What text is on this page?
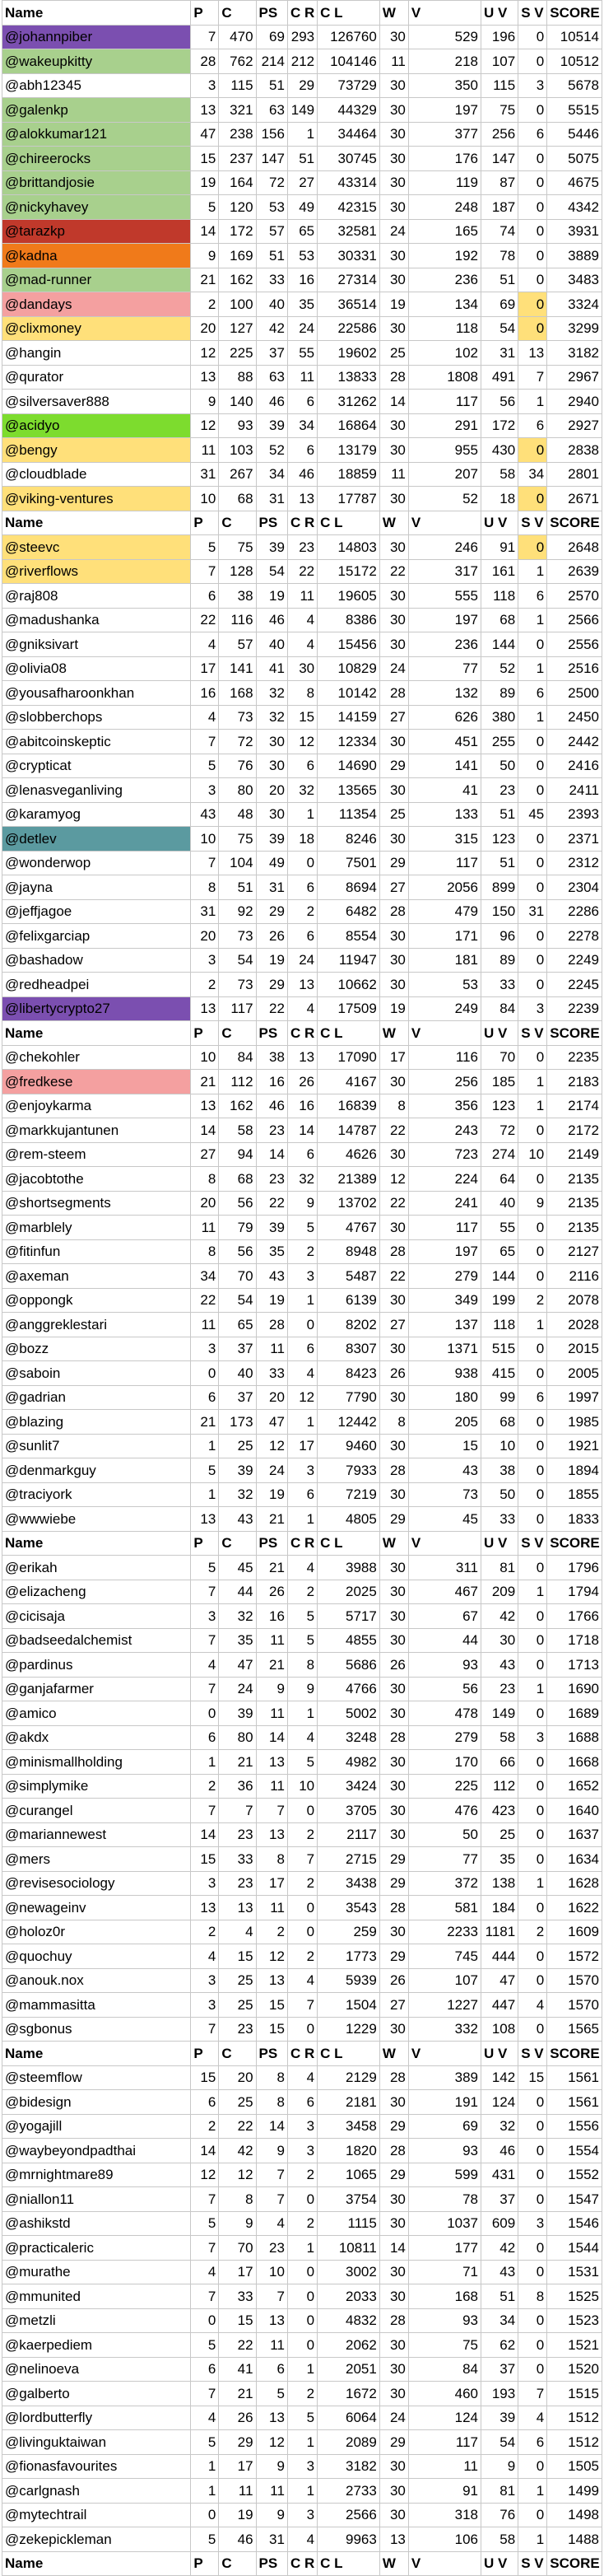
Name	P	C	PS	C R	C L	W	V	U V	S V	SCORE
@johannpiber	7	470	69	293	126760	30	529	196	0	10514
@wakeupkitty	28	762	214	212	104146	11	218	107	0	10512
@abh12345	3	115	51	29	73729	30	350	115	3	5678
@galenkp	13	321	63	149	44329	30	197	75	0	5515
@alokkumar121	47	238	156	1	34464	30	377	256	6	5446
@chireerocks	15	237	147	51	30745	30	176	147	0	5075
@brittandjosie	19	164	72	27	43314	30	119	87	0	4675
@nickyhavey	5	120	53	49	42315	30	248	187	0	4342
@tarazkp	14	172	57	65	32581	24	165	74	0	3931
@kadna	9	169	51	53	30331	30	192	78	0	3889
@mad-runner	21	162	33	16	27314	30	236	51	0	3483
@dandays	2	100	40	35	36514	19	134	69	0	3324
@clixmoney	20	127	42	24	22586	30	118	54	0	3299
@hangin	12	225	37	55	19602	25	102	31	13	3182
@qurator	13	88	63	11	13833	28	1808	491	7	2967
@silversaver888	9	140	46	6	31262	14	117	56	1	2940
@acidyo	12	93	39	34	16864	30	291	172	6	2927
@bengy	11	103	52	6	13179	30	955	430	0	2838
@cloudblade	31	267	34	46	18859	11	207	58	34	2801
@viking-ventures	10	68	31	13	17787	30	52	18	0	2671
Name	P	C	PS	C R	C L	W	V	U V	S V	SCORE
@steevc	5	75	39	23	14803	30	246	91	0	2648
@riverflows	7	128	54	22	15172	22	317	161	1	2639
@raj808	6	38	19	11	19605	30	555	118	6	2570
@madushanka	22	116	46	4	8386	30	197	68	1	2566
@gniksivart	4	57	40	4	15456	30	236	144	0	2556
@olivia08	17	141	41	30	10829	24	77	52	1	2516
@yousafharoonkhan	16	168	32	8	10142	28	132	89	6	2500
@slobberchops	4	73	32	15	14159	27	626	380	1	2450
@abitcoinskeptic	7	72	30	12	12334	30	451	255	0	2442
@crypticat	5	76	30	6	14690	29	141	50	0	2416
@lenasveganliving	3	80	20	32	13565	30	41	23	0	2411
@karamyog	43	48	30	1	11354	25	133	51	45	2393
@detlev	10	75	39	18	8246	30	315	123	0	2371
@wonderwop	7	104	49	0	7501	29	117	51	0	2312
@jayna	8	51	31	6	8694	27	2056	899	0	2304
@jeffjagoe	31	92	29	2	6482	28	479	150	31	2286
@felixgarciap	20	73	26	6	8554	30	171	96	0	2278
@bashadow	3	54	19	24	11947	30	181	89	0	2249
@redheadpei	2	73	29	13	10662	30	53	33	0	2245
@libertycrypto27	13	117	22	4	17509	19	249	84	3	2239
Name	P	C	PS	C R	C L	W	V	U V	S V	SCORE
@chekohler	10	84	38	13	17090	17	116	70	0	2235
@fredkese	21	112	16	26	4167	30	256	185	1	2183
@enjoykarma	13	162	46	16	16839	8	356	123	1	2174
@markkujantunen	14	58	23	14	14787	22	243	72	0	2172
@rem-steem	27	94	14	6	4626	30	723	274	10	2149
@jacobtothe	8	68	23	32	21389	12	224	64	0	2135
@shortsegments	20	56	22	9	13702	22	241	40	9	2135
@marblely	11	79	39	5	4767	30	117	55	0	2135
@fitinfun	8	56	35	2	8948	28	197	65	0	2127
@axeman	34	70	43	3	5487	22	279	144	0	2116
@oppongk	22	54	19	1	6139	30	349	199	2	2078
@anggreklestari	11	65	28	0	8202	27	137	118	1	2028
@bozz	3	37	11	6	8307	30	1371	515	0	2015
@saboin	0	40	33	4	8423	26	938	415	0	2005
@gadrian	6	37	20	12	7790	30	180	99	6	1997
@blazing	21	173	47	1	12442	8	205	68	0	1985
@sunlit7	1	25	12	17	9460	30	15	10	0	1921
@denmarkguy	5	39	24	3	7933	28	43	38	0	1894
@traciyork	1	32	19	6	7219	30	73	50	0	1855
@wwwiebe	13	43	21	1	4805	29	45	33	0	1833
Name	P	C	PS	C R	C L	W	V	U V	S V	SCORE
@erikah	5	45	21	4	3988	30	311	81	0	1796
@elizacheng	7	44	26	2	2025	30	467	209	1	1794
@cicisaja	3	32	16	5	5717	30	67	42	0	1766
@badseedalchemist	7	35	11	5	4855	30	44	30	0	1718
@pardinus	4	47	21	8	5686	26	93	43	0	1713
@ganjafarmer	7	24	9	9	4766	30	56	23	1	1690
@amico	0	39	11	1	5002	30	478	149	0	1689
@akdx	6	80	14	4	3248	28	279	58	3	1688
@minismallholding	1	21	13	5	4982	30	170	66	0	1668
@simplymike	2	36	11	10	3424	30	225	112	0	1652
@curangel	7	7	7	0	3705	30	476	423	0	1640
@mariannewest	14	23	13	2	2117	30	50	25	0	1637
@mers	15	33	8	7	2715	29	77	35	0	1634
@revisesociology	3	23	17	2	3438	29	372	138	1	1628
@newageinv	13	13	11	0	3543	28	581	184	0	1622
@holoz0r	2	4	2	0	259	30	2233	1181	2	1609
@quochuy	4	15	12	2	1773	29	745	444	0	1572
@anouk.nox	3	25	13	4	5939	26	107	47	0	1570
@mammasitta	3	25	15	7	1504	27	1227	447	4	1570
@sgbonus	7	23	15	0	1229	30	332	108	0	1565
Name	P	C	PS	C R	C L	W	V	U V	S V	SCORE
@steemflow	15	20	8	4	2129	28	389	142	15	1561
@bidesign	6	25	8	6	2181	30	191	124	0	1561
@yogajill	2	22	14	3	3458	29	69	32	0	1556
@waybeyondpadthai	14	42	9	3	1820	28	93	46	0	1554
@mrnightmare89	12	12	7	2	1065	29	599	431	0	1552
@niallon11	7	8	7	0	3754	30	78	37	0	1547
@ashikstd	5	9	4	2	1115	30	1037	609	3	1546
@practicaleric	7	70	23	1	10811	14	177	42	0	1544
@murathe	4	17	10	0	3002	30	71	43	0	1531
@mmunited	7	33	7	0	2033	30	168	51	8	1525
@metzli	0	15	13	0	4832	28	93	34	0	1523
@kaerpediem	5	22	11	0	2062	30	75	62	0	1521
@nelinoeva	6	41	6	1	2051	30	84	37	0	1520
@galberto	7	21	5	2	1672	30	460	193	7	1515
@lordbutterfly	4	26	13	5	6064	24	124	39	4	1512
@livinguktaiwan	5	29	12	1	2089	29	117	54	6	1512
@fionasfavourites	1	17	9	3	3182	30	11	9	0	1505
@carlgnash	1	11	11	1	2733	30	91	81	1	1499
@mytechtrail	0	19	9	3	2566	30	318	76	0	1498
@zekepickleman	5	46	31	4	9963	13	106	58	1	1488
Name	P	C	PS	C R	C L	W	V	U V	S V	SCORE
